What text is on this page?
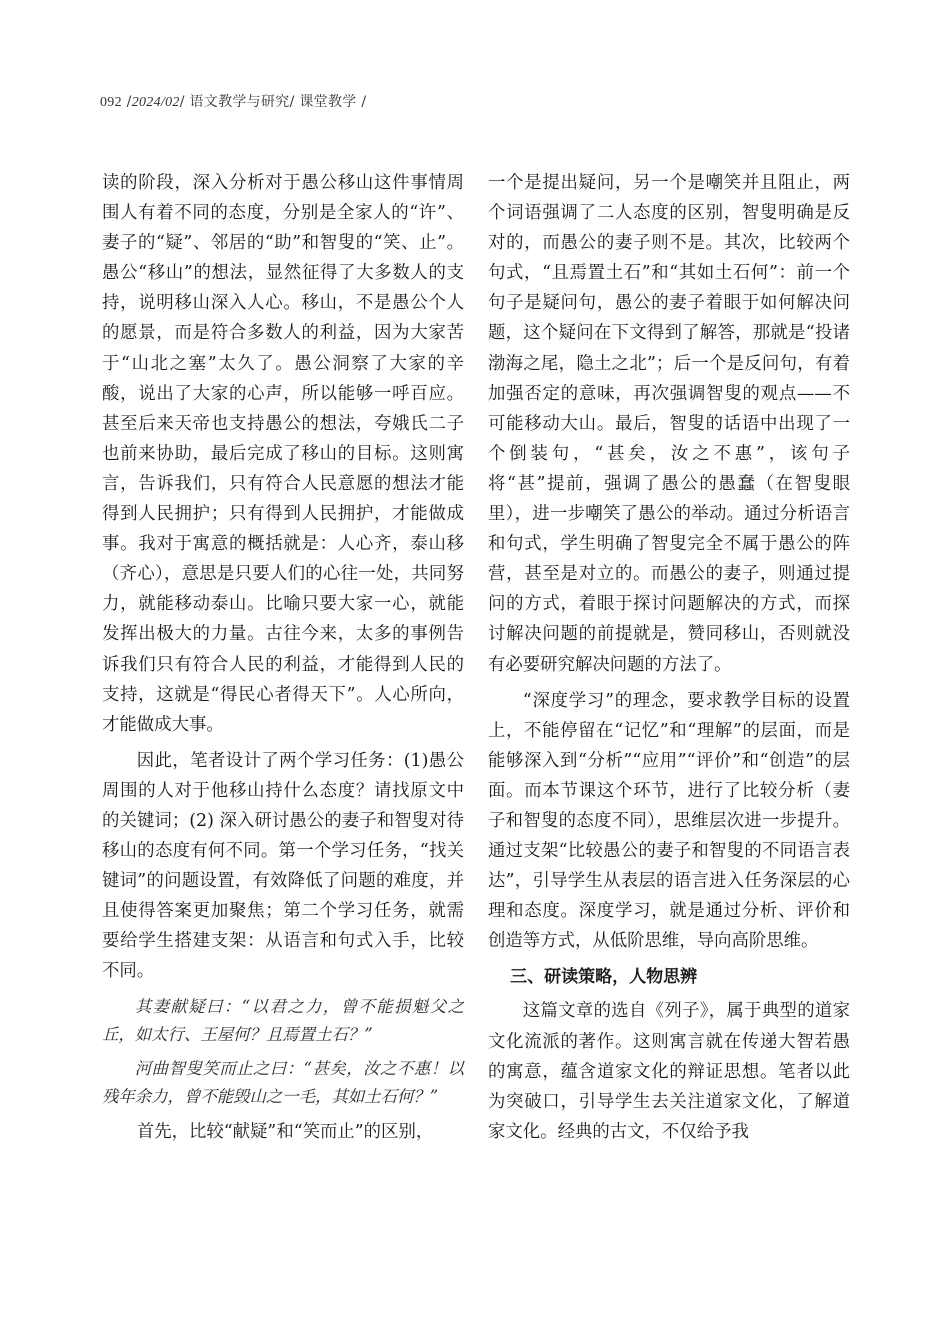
092 /2024/02/ 语文教学与研究/ 课堂教学 /

读的阶段，深入分析对于愚公移山这件事情周围人有着不同的态度，分别是全家人的“许”、妻子的“疑”、邻居的“助”和智叟的“笑、止”。愚公“移山”的想法，显然征得了大多数人的支持，说明移山深入人心。移山，不是愚公个人的愿景，而是符合多数人的利益，因为大家苦于“山北之塞”太久了。愚公洞察了大家的辛酸，说出了大家的心声，所以能够一呼百应。甚至后来天帝也支持愚公的想法，夸娥氏二子也前来协助，最后完成了移山的目标。这则寓言，告诉我们，只有符合人民意愿的想法才能得到人民拥护；只有得到人民拥护，才能做成事。我对于寓意的概括就是：人心齐，泰山移（齐心），意思是只要人们的心往一处，共同努力，就能移动泰山。比喻只要大家一心，就能发挥出极大的力量。古往今来，太多的事例告诉我们只有符合人民的利益，才能得到人民的支持，这就是“得民心者得天下”。人心所向，才能做成大事。

因此，笔者设计了两个学习任务：(1)愚公周围的人对于他移山持什么态度？请找原文中的关键词；(2) 深入研讨愚公的妻子和智叟对待移山的态度有何不同。第一个学习任务，“找关键词”的问题设置，有效降低了问题的难度，并且使得答案更加聚焦；第二个学习任务，就需要给学生搭建支架：从语言和句式入手，比较不同。

其妻献疑曰：“以君之力，曾不能损魁父之丘，如太行、王屋何？且焉置土石？”

河曲智叟笑而止之曰：“甚矣，汝之不惠！以残年余力，曾不能毁山之一毛，其如土石何？”

首先，比较“献疑”和“笑而止”的区别，

一个是提出疑问，另一个是嘲笑并且阻止，两个词语强调了二人态度的区别，智叟明确是反对的，而愚公的妻子则不是。其次，比较两个句式，“且焉置土石”和“其如土石何”：前一个句子是疑问句，愚公的妻子着眼于如何解决问题，这个疑问在下文得到了解答，那就是“投诸渤海之尾，隐土之北”；后一个是反问句，有着加强否定的意味，再次强调智叟的观点——不可能移动大山。最后，智叟的话语中出现了一个倒装句，“甚矣，汝之不惠”，该句子将“甚”提前，强调了愚公的愚蠢（在智叟眼里），进一步嘲笑了愚公的举动。通过分析语言和句式，学生明确了智叟完全不属于愚公的阵营，甚至是对立的。而愚公的妻子，则通过提问的方式，着眼于探讨问题解决的方式，而探讨解决问题的前提就是，赞同移山，否则就没有必要研究解决问题的方法了。

“深度学习”的理念，要求教学目标的设置上，不能停留在“记忆”和“理解”的层面，而是能够深入到“分析”“应用”“评价”和“创造”的层面。而本节课这个环节，进行了比较分析（妻子和智叟的态度不同），思维层次进一步提升。通过支架“比较愚公的妻子和智叟的不同语言表达”，引导学生从表层的语言进入任务深层的心理和态度。深度学习，就是通过分析、评价和创造等方式，从低阶思维，导向高阶思维。

三、研读策略，人物思辨

这篇文章的选自《列子》，属于典型的道家文化流派的著作。这则寓言就在传递大智若愚的寓意，蕴含道家文化的辩证思想。笔者以此为突破口，引导学生去关注道家文化，了解道家文化。经典的古文，不仅给予我
